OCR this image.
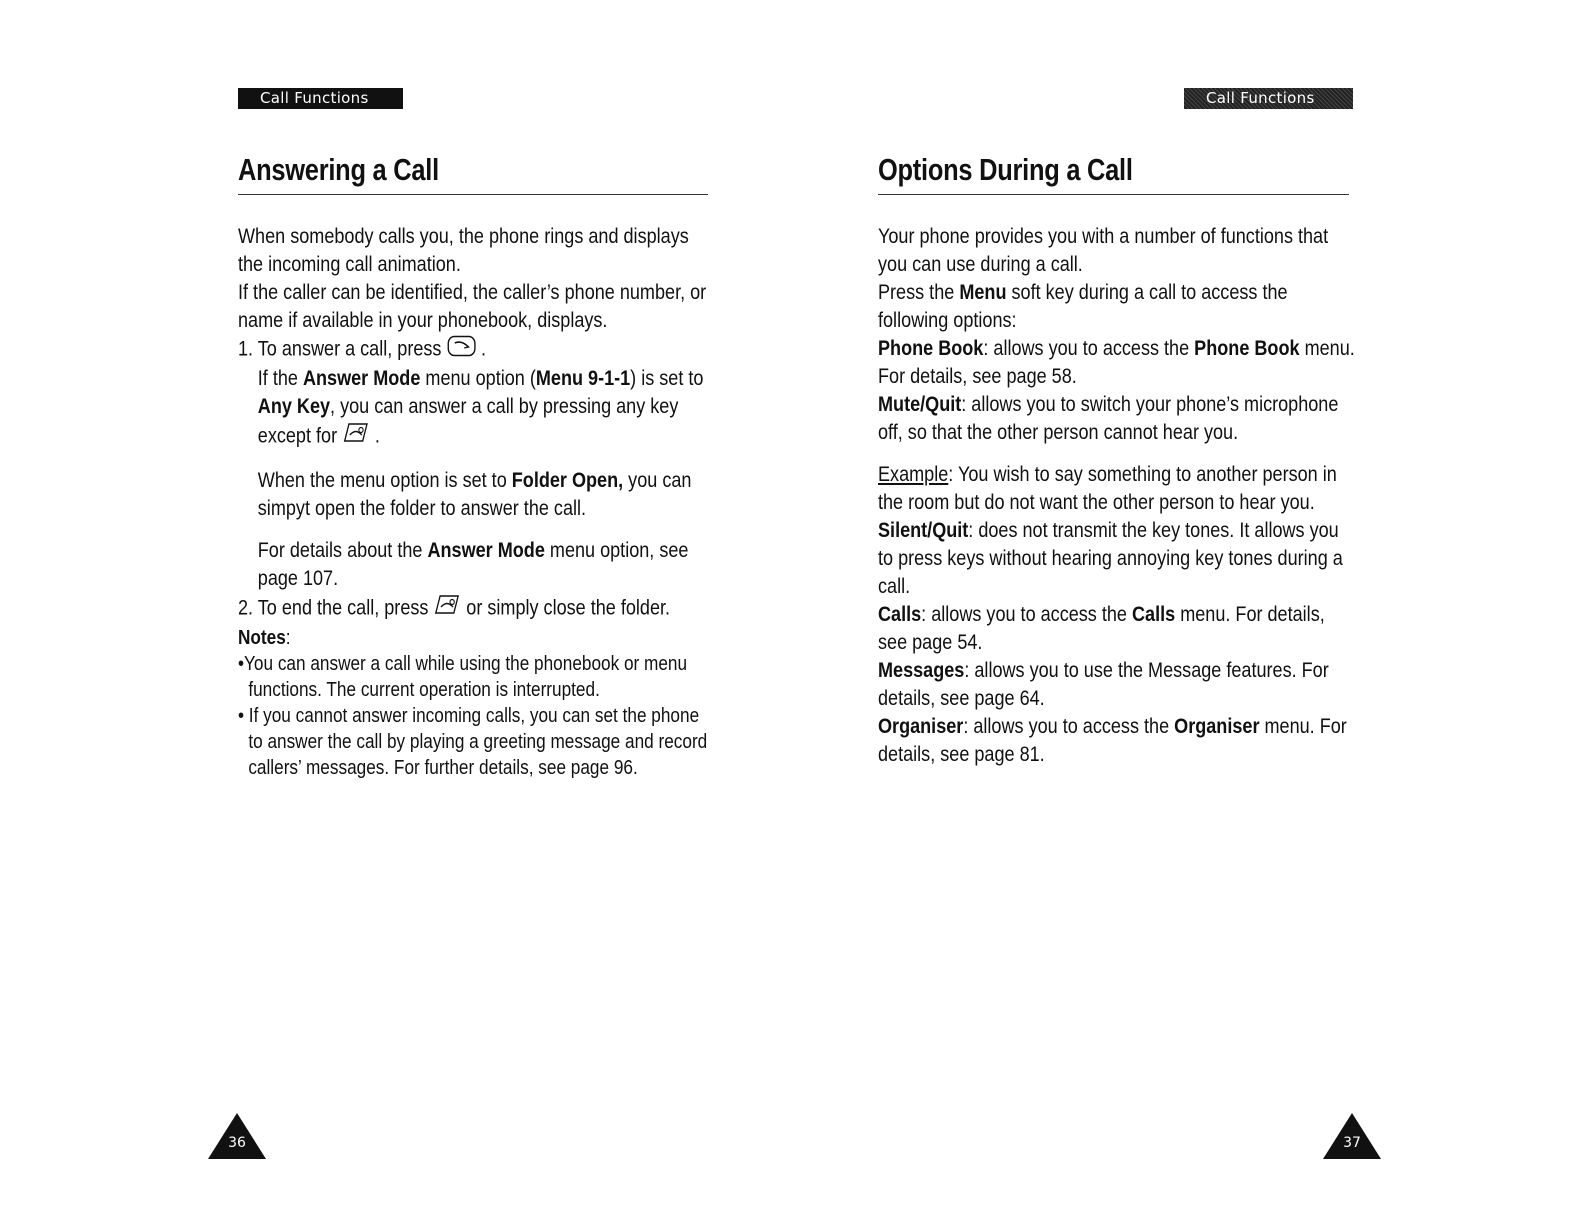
Call Functions
Answering a Call

When somebody calls you, the phone rings and displays the incoming call animation.

If the caller can be identified, the caller’s phone number, or name if available in your phonebook, displays.

1. To answer a call, press .

If the Answer Mode menu option (Menu 9-1-1) is set to Any Key, you can answer a call by pressing any key except for .

When the menu option is set to Folder Open, you can simpyt open the folder to answer the call.

For details about the Answer Mode menu option, see page 107.

2. To end the call, press or simply close the folder.

Notes:

•You can answer a call while using the phonebook or menu functions. The current operation is interrupted.

• If you cannot answer incoming calls, you can set the phone to answer the call by playing a greeting message and record callers’ messages. For further details, see page 96.

36
Call Functions
Options During a Call

Your phone provides you with a number of functions that you can use during a call.

Press the Menu soft key during a call to access the following options:

Phone Book: allows you to access the Phone Book menu. For details, see page 58.

Mute/Quit: allows you to switch your phone’s microphone off, so that the other person cannot hear you.

Example: You wish to say something to another person in the room but do not want the other person to hear you.

Silent/Quit: does not transmit the key tones. It allows you to press keys without hearing annoying key tones during a call.

Calls: allows you to access the Calls menu. For details, see page 54.

Messages: allows you to use the Message features. For details, see page 64.

Organiser: allows you to access the Organiser menu. For details, see page 81.

37
